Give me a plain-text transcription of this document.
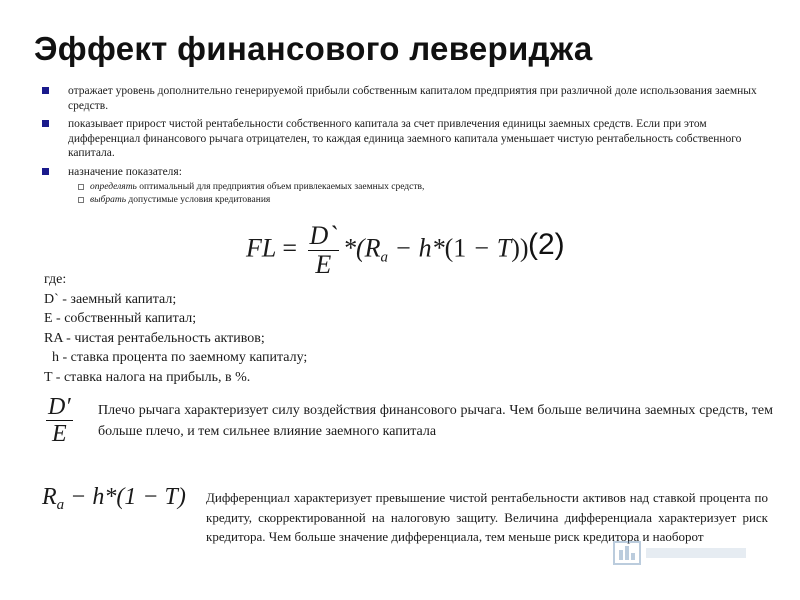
Эффект финансового левериджа
отражает уровень дополнительно генерируемой прибыли собственным капиталом предприятия при различной доле использования заемных средств.
показывает прирост чистой рентабельности собственного капитала за счет привлечения единицы заемных средств. Если при этом дифференциал финансового рычага отрицателен, то каждая единица заемного капитала уменьшает чистую рентабельность собственного капитала.
назначение показателя:
определять оптимальный для предприятия объем привлекаемых заемных средств,
выбрать допустимые условия кредитования
FL = $\frac{D`}{E} *(Ra - h*(1 - T))$ (2)
где:
D` - заемный капитал;
E - собственный капитал;
RA - чистая рентабельность активов;
h - ставка процента по заемному капиталу;
T - ставка налога на прибыль, в %.
$\frac{D'}{E}$ Плечо рычага характеризует силу воздействия финансового рычага. Чем больше величина заемных средств, тем больше плечо, и тем сильнее влияние заемного капитала

$R_a - h*(1 - T)$ Дифференциал характеризует превышение чистой рентабельности активов над ставкой процента по кредиту, скорректированной на налоговую защиту. Величина дифференциала характеризует риск кредитора. Чем больше значение дифференциала, тем меньше риск кредитора и наоборот
